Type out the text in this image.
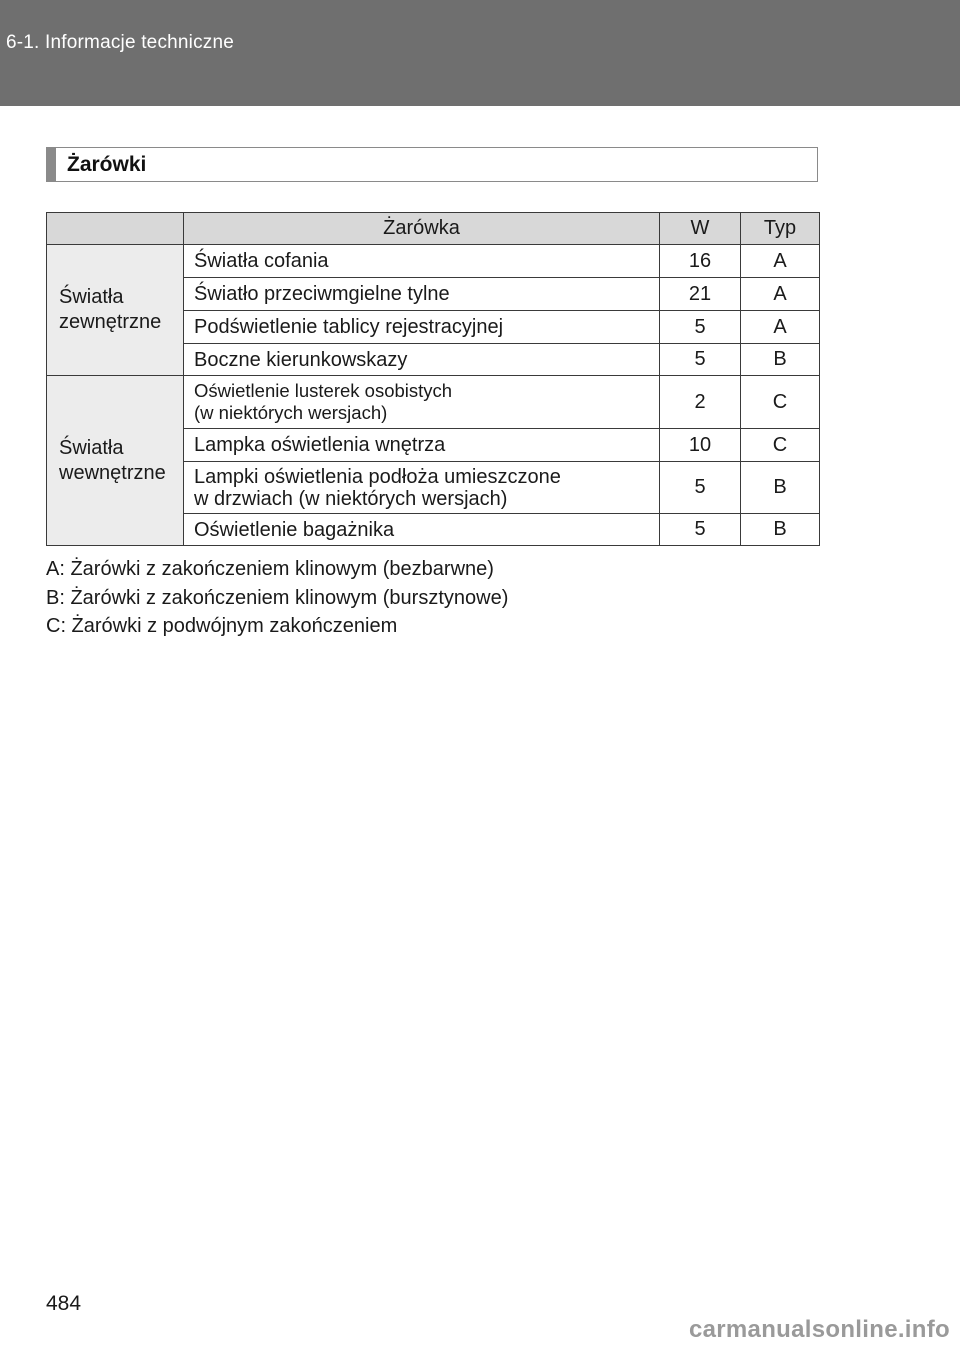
6-1. Informacje techniczne
Żarówki
	Żarówka	W	Typ
Światła
zewnętrzne	Światła cofania	16	A
	Światło przeciwmgielne tylne	21	A
	Podświetlenie tablicy rejestracyjnej	5	A
	Boczne kierunkowskazy	5	B
Światła
wewnętrzne	Oświetlenie lusterek osobistych
(w niektórych wersjach)	2	C
	Lampka oświetlenia wnętrza	10	C
	Lampki oświetlenia podłoża umieszczone
w drzwiach (w niektórych wersjach)	5	B
	Oświetlenie bagażnika	5	B
A: Żarówki z zakończeniem klinowym (bezbarwne)
B: Żarówki z zakończeniem klinowym (bursztynowe)
C: Żarówki z podwójnym zakończeniem
484
carmanualsonline.info
